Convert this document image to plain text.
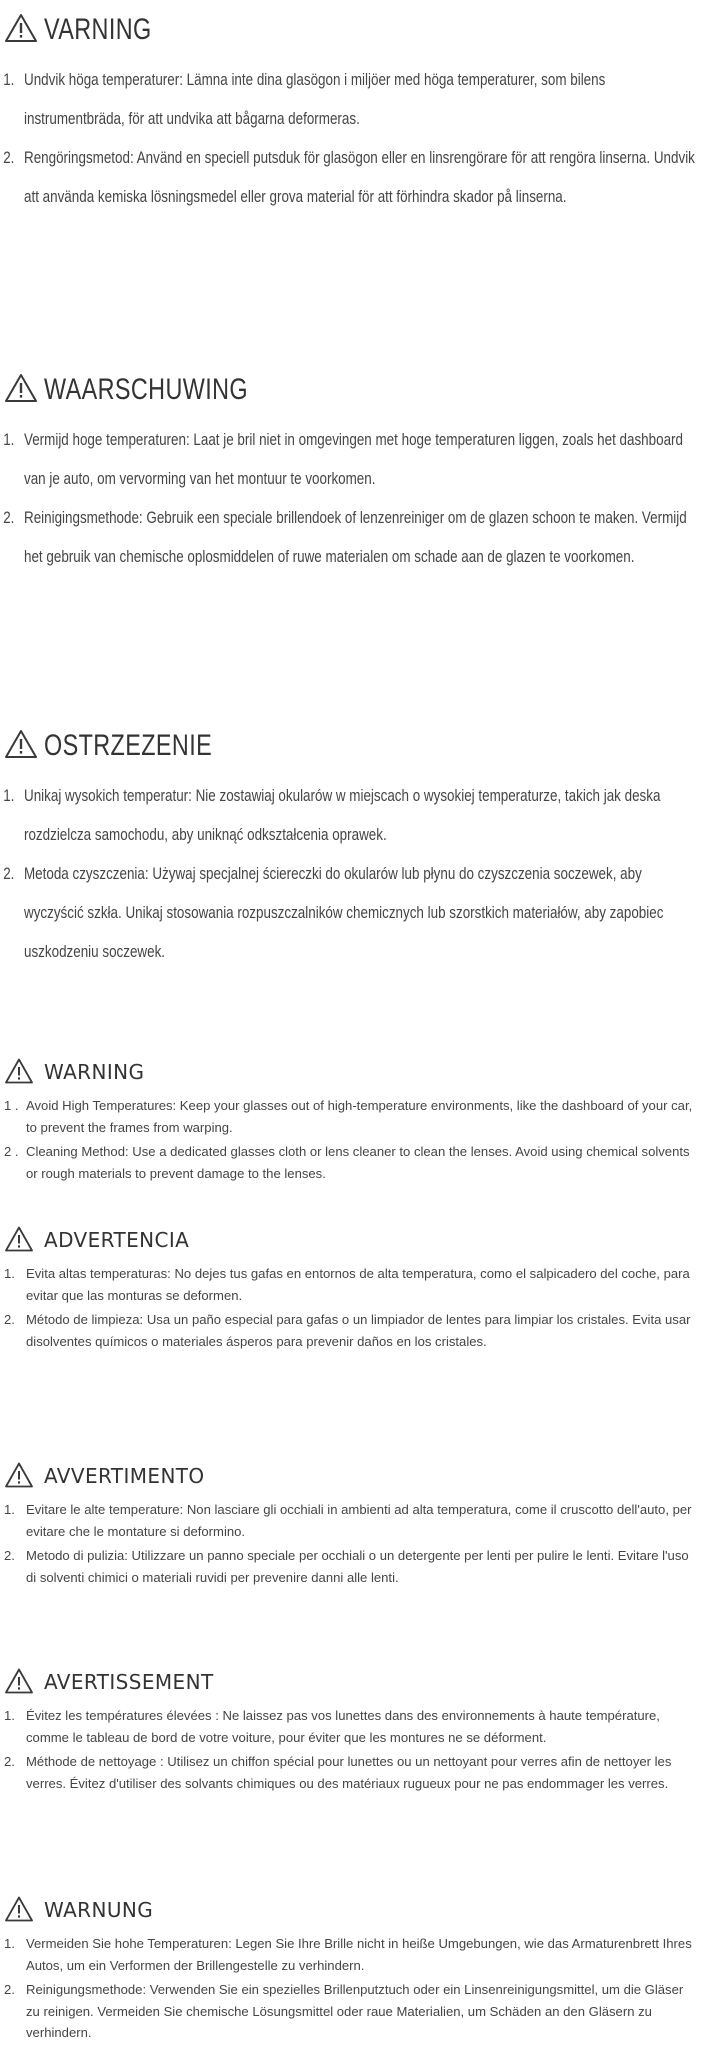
VARNING
1. Undvik höga temperaturer: Lämna inte dina glasögon i miljöer med höga temperaturer, som bilens instrumentbräda, för att undvika att bågarna deformeras.
2. Rengöringsmetod: Använd en speciell putsduk för glasögon eller en linsrengörare för att rengöra linserna. Undvik att använda kemiska lösningsmedel eller grova material för att förhindra skador på linserna.
WAARSCHUWING
1. Vermijd hoge temperaturen: Laat je bril niet in omgevingen met hoge temperaturen liggen, zoals het dashboard van je auto, om vervorming van het montuur te voorkomen.
2. Reinigingsmethode: Gebruik een speciale brillendoek of lenzenreiniger om de glazen schoon te maken. Vermijd het gebruik van chemische oplosmiddelen of ruwe materialen om schade aan de glazen te voorkomen.
OSTRZEZENIE
1. Unikaj wysokich temperatur: Nie zostawiaj okularów w miejscach o wysokiej temperaturze, takich jak deska rozdzielcza samochodu, aby uniknąć odkształcenia oprawek.
2. Metoda czyszczenia: Używaj specjalnej ściereczki do okularów lub płynu do czyszczenia soczewek, aby wyczyścić szkła. Unikaj stosowania rozpuszczalników chemicznych lub szorstkich materiałów, aby zapobiec uszkodzeniu soczewek.
WARNING
1 . Avoid High Temperatures: Keep your glasses out of high-temperature environments, like the dashboard of your car, to prevent the frames from warping.
2 . Cleaning Method: Use a dedicated glasses cloth or lens cleaner to clean the lenses. Avoid using chemical solvents or rough materials to prevent damage to the lenses.
ADVERTENCIA
1. Evita altas temperaturas: No dejes tus gafas en entornos de alta temperatura, como el salpicadero del coche, para evitar que las monturas se deformen.
2. Método de limpieza: Usa un paño especial para gafas o un limpiador de lentes para limpiar los cristales. Evita usar disolventes químicos o materiales ásperos para prevenir daños en los cristales.
AVVERTIMENTO
1. Evitare le alte temperature: Non lasciare gli occhiali in ambienti ad alta temperatura, come il cruscotto dell'auto, per evitare che le montature si deformino.
2. Metodo di pulizia: Utilizzare un panno speciale per occhiali o un detergente per lenti per pulire le lenti. Evitare l'uso di solventi chimici o materiali ruvidi per prevenire danni alle lenti.
AVERTISSEMENT
1. Évitez les températures élevées : Ne laissez pas vos lunettes dans des environnements à haute température, comme le tableau de bord de votre voiture, pour éviter que les montures ne se déforment.
2. Méthode de nettoyage : Utilisez un chiffon spécial pour lunettes ou un nettoyant pour verres afin de nettoyer les verres. Évitez d'utiliser des solvants chimiques ou des matériaux rugueux pour ne pas endommager les verres.
WARNUNG
1. Vermeiden Sie hohe Temperaturen: Legen Sie Ihre Brille nicht in heiße Umgebungen, wie das Armaturenbrett Ihres Autos, um ein Verformen der Brillengestelle zu verhindern.
2. Reinigungsmethode: Verwenden Sie ein spezielles Brillenputztuch oder ein Linsenreinigungsmittel, um die Gläser zu reinigen. Vermeiden Sie chemische Lösungsmittel oder raue Materialien, um Schäden an den Gläsern zu verhindern.
